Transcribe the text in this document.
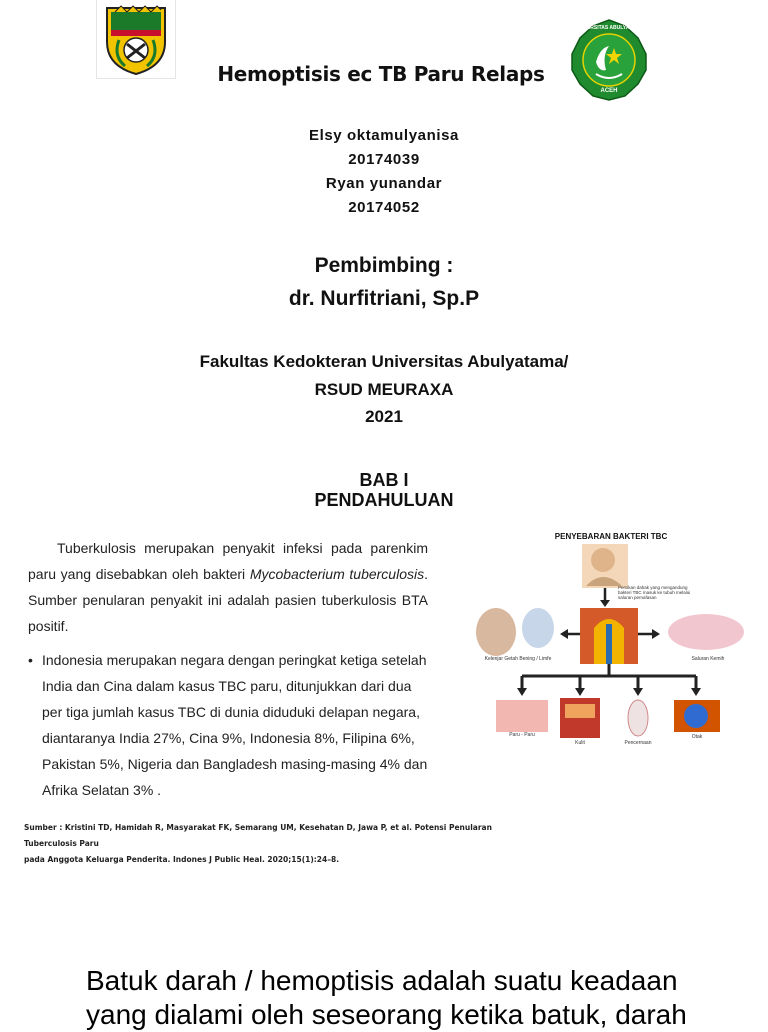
UNIVERSITAS ABULYATAMA
ACEH
Hemoptisis ec TB Paru Relaps
Elsy oktamulyanisa
20174039
Ryan yunandar
20174052
Pembimbing :
dr. Nurfitriani, Sp.P
Fakultas Kedokteran Universitas Abulyatama/
RSUD MEURAXA
2021
BAB I
PENDAHULUAN
Tuberkulosis merupakan penyakit infeksi pada parenkim paru yang disebabkan oleh bakteri Mycobacterium tuberculosis. Sumber penularan penyakit ini adalah pasien tuberkulosis BTA positif.
• Indonesia merupakan negara dengan peringkat ketiga setelah India dan Cina dalam kasus TBC paru, ditunjukkan dari dua per tiga jumlah kasus TBC di dunia diduduki delapan negara, diantaranya India 27%, Cina 9%, Indonesia 8%, Filipina 6%, Pakistan 5%, Nigeria dan Bangladesh masing-masing 4% dan Afrika Selatan 3% .
Sumber : Kristini TD, Hamidah R, Masyarakat FK, Semarang UM, Kesehatan D, Jawa P, et al. Potensi Penularan Tuberculosis Paru
pada Anggota Keluarga Penderita. Indones J Public Heal. 2020;15(1):24–8.
PENYEBARAN BAKTERI TBC
Percikan dahak yang mengandung bakteri TBC masuk ke tubuh melalui saluran pernafasan
Kelenjar Getah Bening / Limfe	Saluran Kemih
Paru - Paru
Kulit	Pencernaan
Otak
Batuk darah / hemoptisis adalah suatu keadaan yang dialami oleh seseorang ketika batuk, darah
